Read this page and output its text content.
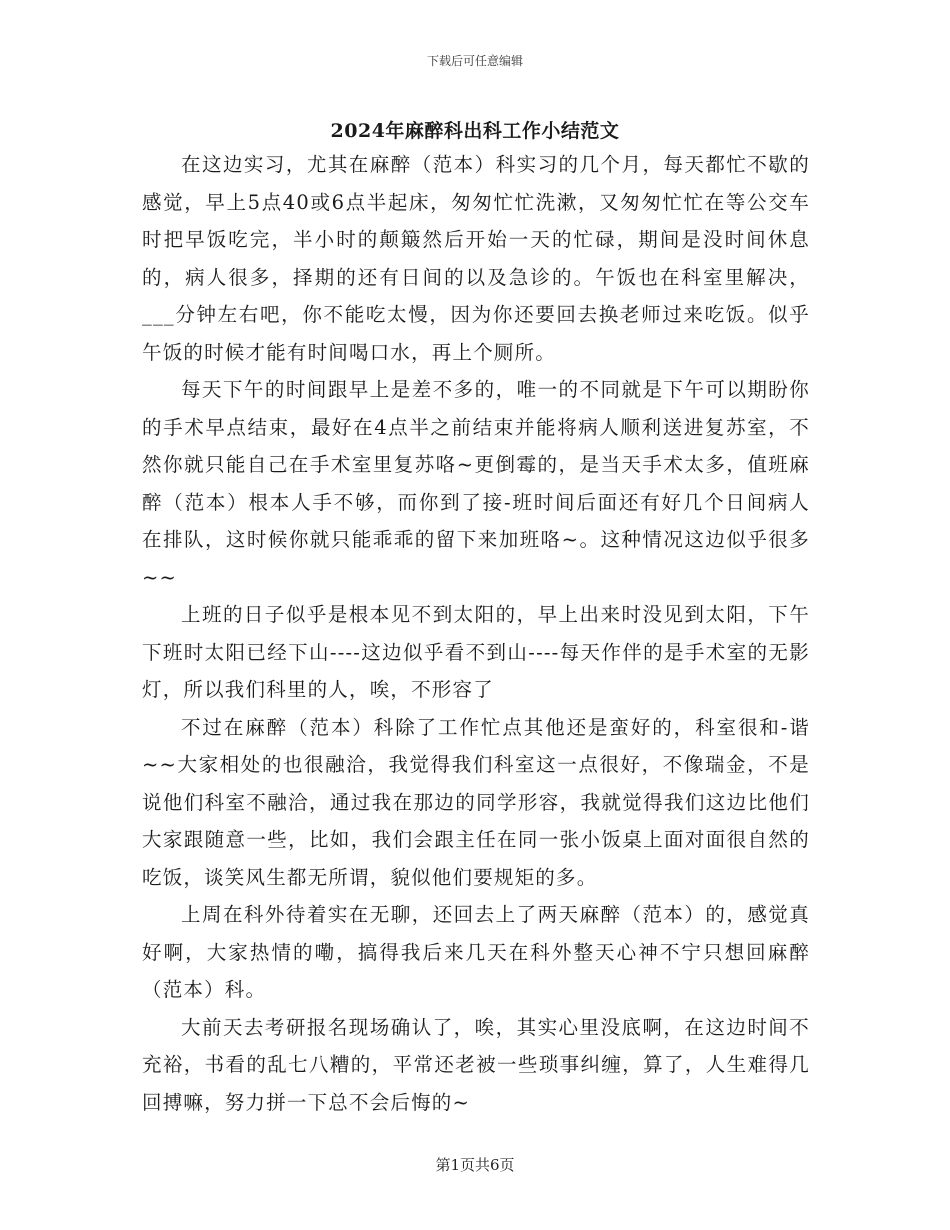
下载后可任意编辑
2024年麻醉科出科工作小结范文

在这边实习，尤其在麻醉（范本）科实习的几个月，每天都忙不歇的感觉，早上5点40或6点半起床，匆匆忙忙洗漱，又匆匆忙忙在等公交车时把早饭吃完，半小时的颠簸然后开始一天的忙碌，期间是没时间休息的，病人很多，择期的还有日间的以及急诊的。午饭也在科室里解决，___分钟左右吧，你不能吃太慢，因为你还要回去换老师过来吃饭。似乎午饭的时候才能有时间喝口水，再上个厕所。

每天下午的时间跟早上是差不多的，唯一的不同就是下午可以期盼你的手术早点结束，最好在4点半之前结束并能将病人顺利送进复苏室，不然你就只能自己在手术室里复苏咯~更倒霉的，是当天手术太多，值班麻醉（范本）根本人手不够，而你到了接-班时间后面还有好几个日间病人在排队，这时候你就只能乖乖的留下来加班咯~。这种情况这边似乎很多~~

上班的日子似乎是根本见不到太阳的，早上出来时没见到太阳，下午下班时太阳已经下山----这边似乎看不到山----每天作伴的是手术室的无影灯，所以我们科里的人，唉，不形容了

不过在麻醉（范本）科除了工作忙点其他还是蛮好的，科室很和-谐~~大家相处的也很融洽，我觉得我们科室这一点很好，不像瑞金，不是说他们科室不融洽，通过我在那边的同学形容，我就觉得我们这边比他们大家跟随意一些，比如，我们会跟主任在同一张小饭桌上面对面很自然的吃饭，谈笑风生都无所谓，貌似他们要规矩的多。

上周在科外待着实在无聊，还回去上了两天麻醉（范本）的，感觉真好啊，大家热情的嘞，搞得我后来几天在科外整天心神不宁只想回麻醉（范本）科。

大前天去考研报名现场确认了，唉，其实心里没底啊，在这边时间不充裕，书看的乱七八糟的，平常还老被一些琐事纠缠，算了，人生难得几回搏嘛，努力拼一下总不会后悔的~

第1页共6页
